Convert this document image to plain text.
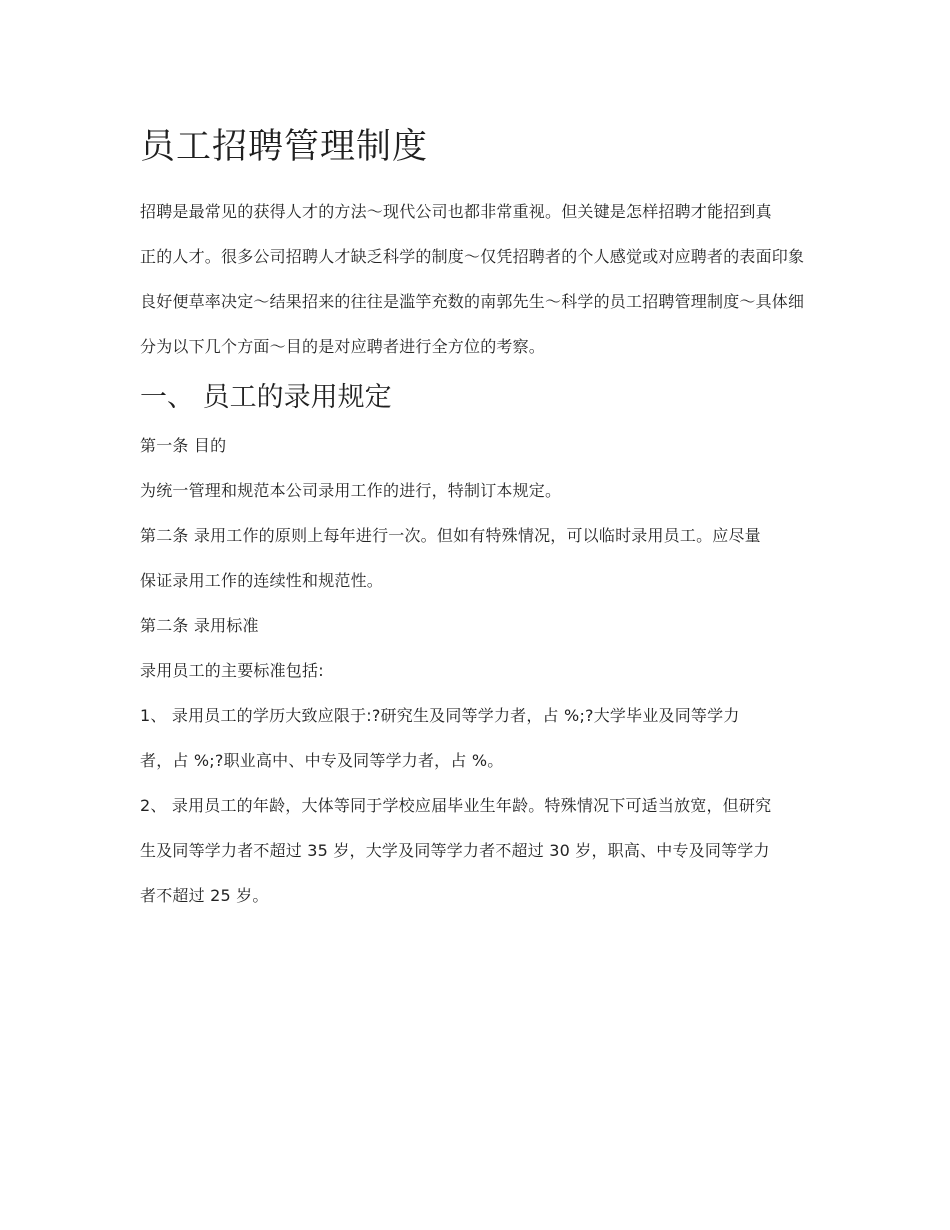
员工招聘管理制度

招聘是最常见的获得人才的方法～现代公司也都非常重视。但关键是怎样招聘才能招到真

正的人才。很多公司招聘人才缺乏科学的制度～仅凭招聘者的个人感觉或对应聘者的表面印象

良好便草率决定～结果招来的往往是滥竽充数的南郭先生～科学的员工招聘管理制度～具体细

分为以下几个方面～目的是对应聘者进行全方位的考察。

一、 员工的录用规定

第一条 目的

为统一管理和规范本公司录用工作的进行，特制订本规定。

第二条 录用工作的原则上每年进行一次。但如有特殊情况，可以临时录用员工。应尽量

保证录用工作的连续性和规范性。

第二条 录用标准

录用员工的主要标准包括:

1、 录用员工的学历大致应限于:?研究生及同等学力者，占 %;?大学毕业及同等学力

者，占 %;?职业高中、中专及同等学力者，占 %。

2、 录用员工的年龄，大体等同于学校应届毕业生年龄。特殊情况下可适当放宽，但研究

生及同等学力者不超过 35 岁，大学及同等学力者不超过 30 岁，职高、中专及同等学力

者不超过 25 岁。
